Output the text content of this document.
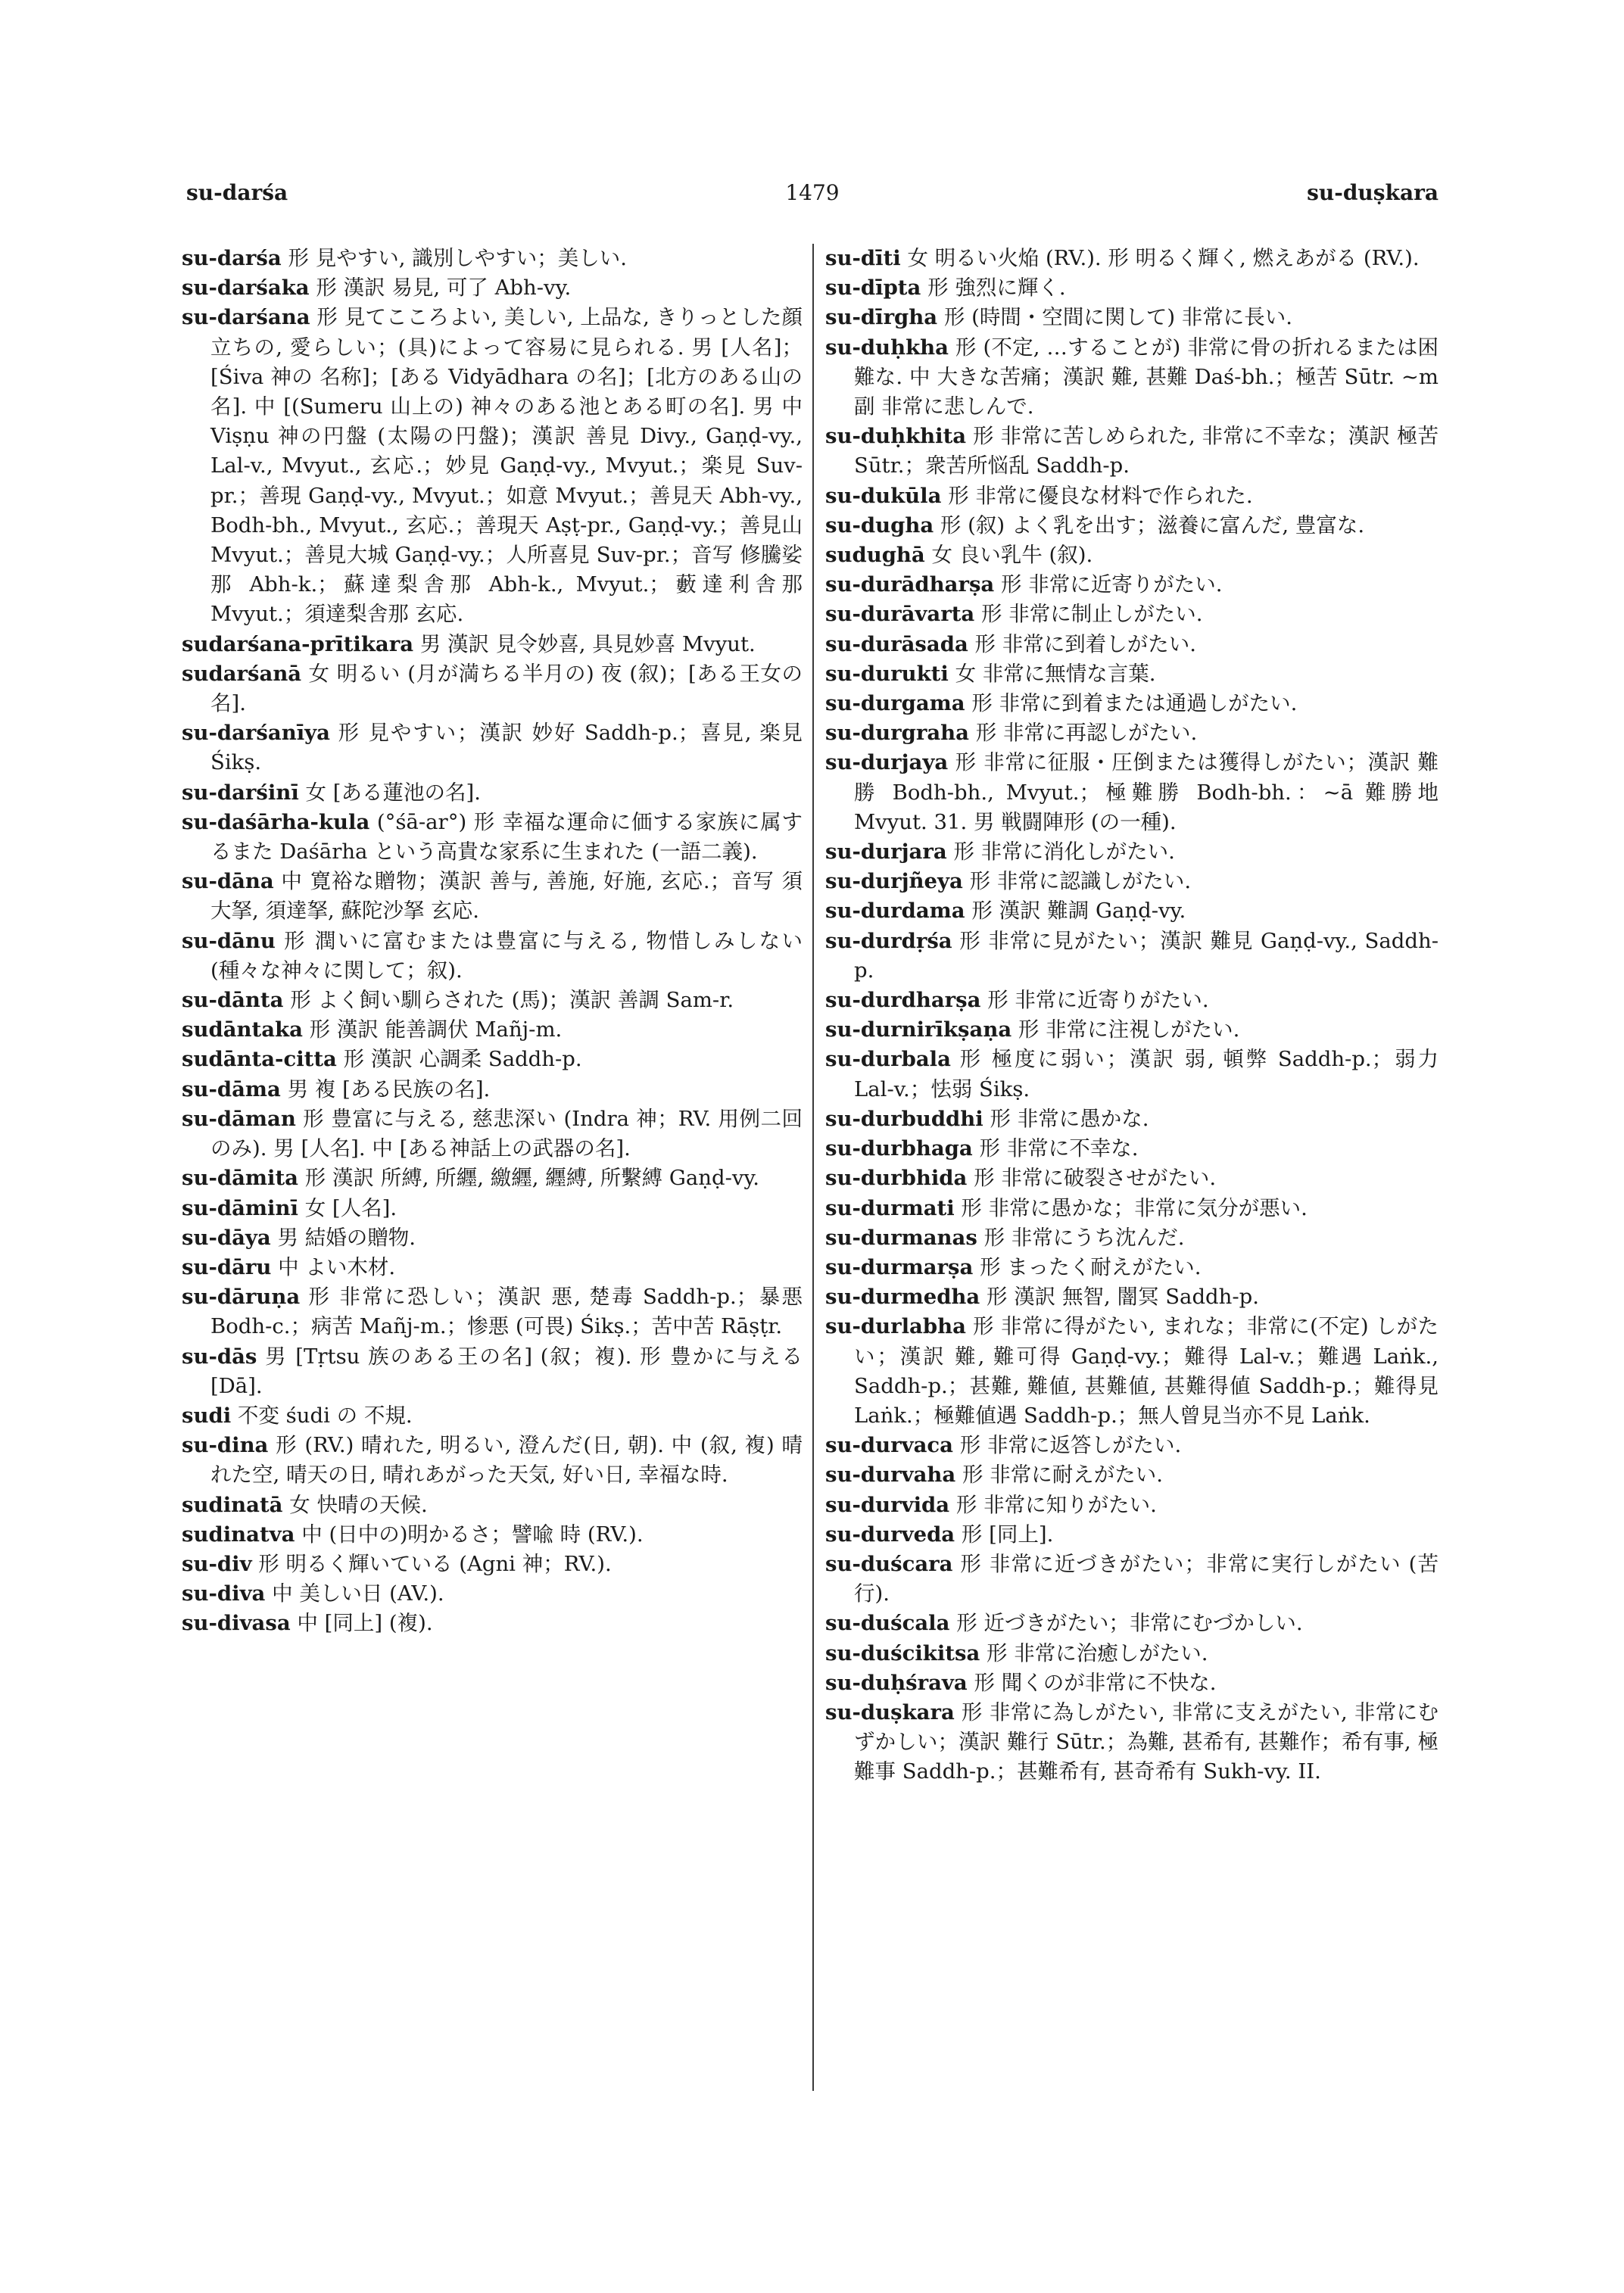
su-darśa	1479	su-duṣkara

su-darśa 形 見やすい, 識別しやすい；美しい.

su-darśaka 形 漢訳 易見, 可了 Abh-vy.

su-darśana 形 見てこころよい, 美しい, 上品な, きりっとした顔立ちの, 愛らしい；(具)によって容易に見られる. 男 [人名]；[Śiva 神の 名称]；[ある Vidyādhara の名]；[北方のある山の名]. 中 [(Sumeru 山上の) 神々のある池とある町の名]. 男 中 Viṣṇu 神の円盤 (太陽の円盤)；漢訳 善見 Divy., Gaṇḍ-vy., Lal-v., Mvyut., 玄応.；妙見 Gaṇḍ-vy., Mvyut.；楽見 Suv-pr.；善現 Gaṇḍ-vy., Mvyut.；如意 Mvyut.；善見天 Abh-vy., Bodh-bh., Mvyut., 玄応.；善現天 Aṣṭ-pr., Gaṇḍ-vy.；善見山 Mvyut.；善見大城 Gaṇḍ-vy.；人所喜見 Suv-pr.；音写 修騰娑那 Abh-k.；蘇達梨舎那 Abh-k., Mvyut.；藪達利舎那 Mvyut.；須達梨舎那 玄応.

sudarśana-prītikara 男 漢訳 見令妙喜, 具見妙喜 Mvyut.

sudarśanā 女 明るい (月が満ちる半月の) 夜 (叙)；[ある王女の名].

su-darśanīya 形 見やすい；漢訳 妙好 Saddh-p.；喜見, 楽見 Śikṣ.

su-darśinī 女 [ある蓮池の名].

su-daśārha-kula (°śā-ar°) 形 幸福な運命に価する家族に属するまた Daśārha という高貴な家系に生まれた (一語二義).

su-dāna 中 寛裕な贈物；漢訳 善与, 善施, 好施, 玄応.；音写 須大拏, 須達拏, 蘇陀沙拏 玄応.

su-dānu 形 潤いに富むまたは豊富に与える, 物惜しみしない (種々な神々に関して；叙).

su-dānta 形 よく飼い馴らされた (馬)；漢訳 善調 Sam-r.

sudāntaka 形 漢訳 能善調伏 Mañj-m.

sudānta-citta 形 漢訳 心調柔 Saddh-p.

su-dāma 男 複 [ある民族の名].

su-dāman 形 豊富に与える, 慈悲深い (Indra 神；RV. 用例二回のみ). 男 [人名]. 中 [ある神話上の武器の名].

su-dāmita 形 漢訳 所縛, 所纒, 繳纒, 纒縛, 所繫縛 Gaṇḍ-vy.

su-dāminī 女 [人名].

su-dāya 男 結婚の贈物.

su-dāru 中 よい木材.

su-dāruṇa 形 非常に恐しい；漢訳 悪, 楚毒 Saddh-p.；暴悪 Bodh-c.；病苦 Mañj-m.；惨悪 (可畏) Śikṣ.；苦中苦 Rāṣṭr.

su-dās 男 [Tṛtsu 族のある王の名] (叙；複). 形 豊かに与える [Dā].

sudi 不変 śudi の 不規.

su-dina 形 (RV.) 晴れた, 明るい, 澄んだ(日, 朝). 中 (叙, 複) 晴れた空, 晴天の日, 晴れあがった天気, 好い日, 幸福な時.

sudinatā 女 快晴の天候.

sudinatva 中 (日中の)明かるさ；譬喩 時 (RV.).

su-div 形 明るく輝いている (Agni 神；RV.).

su-diva 中 美しい日 (AV.).

su-divasa 中 [同上] (複).

su-dīti 女 明るい火焔 (RV.). 形 明るく輝く, 燃えあがる (RV.).

su-dīpta 形 強烈に輝く.

su-dīrgha 形 (時間・空間に関して) 非常に長い.

su-duḥkha 形 (不定, …することが) 非常に骨の折れるまたは困難な. 中 大きな苦痛；漢訳 難, 甚難 Daś-bh.；極苦 Sūtr. ~m 副 非常に悲しんで.

su-duḥkhita 形 非常に苦しめられた, 非常に不幸な；漢訳 極苦 Sūtr.；衆苦所悩乱 Saddh-p.

su-dukūla 形 非常に優良な材料で作られた.

su-dugha 形 (叙) よく乳を出す；滋養に富んだ, 豊富な.

sudughā 女 良い乳牛 (叙).

su-durādharṣa 形 非常に近寄りがたい.

su-durāvarta 形 非常に制止しがたい.

su-durāsada 形 非常に到着しがたい.

su-durukti 女 非常に無情な言葉.

su-durgama 形 非常に到着または通過しがたい.

su-durgraha 形 非常に再認しがたい.

su-durjaya 形 非常に征服・圧倒または獲得しがたい；漢訳 難勝 Bodh-bh., Mvyut.；極難勝 Bodh-bh.：~ā 難勝地 Mvyut. 31. 男 戦闘陣形 (の一種).

su-durjara 形 非常に消化しがたい.

su-durjñeya 形 非常に認識しがたい.

su-durdama 形 漢訳 難調 Gaṇḍ-vy.

su-durdṛśa 形 非常に見がたい；漢訳 難見 Gaṇḍ-vy., Saddh-p.

su-durdharṣa 形 非常に近寄りがたい.

su-durnirīkṣaṇa 形 非常に注視しがたい.

su-durbala 形 極度に弱い；漢訳 弱, 頓弊 Saddh-p.；弱力 Lal-v.；怯弱 Śikṣ.

su-durbuddhi 形 非常に愚かな.

su-durbhaga 形 非常に不幸な.

su-durbhida 形 非常に破裂させがたい.

su-durmati 形 非常に愚かな；非常に気分が悪い.

su-durmanas 形 非常にうち沈んだ.

su-durmarṣa 形 まったく耐えがたい.

su-durmedha 形 漢訳 無智, 闇冥 Saddh-p.

su-durlabha 形 非常に得がたい, まれな；非常に(不定) しがたい；漢訳 難, 難可得 Gaṇḍ-vy.；難得 Lal-v.；難遇 Laṅk., Saddh-p.；甚難, 難値, 甚難値, 甚難得値 Saddh-p.；難得見 Laṅk.；極難値遇 Saddh-p.；無人曾見当亦不見 Laṅk.

su-durvaca 形 非常に返答しがたい.

su-durvaha 形 非常に耐えがたい.

su-durvida 形 非常に知りがたい.

su-durveda 形 [同上].

su-duścara 形 非常に近づきがたい；非常に実行しがたい (苦行).

su-duścala 形 近づきがたい；非常にむづかしい.

su-duścikitsa 形 非常に治癒しがたい.

su-duḥśrava 形 聞くのが非常に不快な.

su-duṣkara 形 非常に為しがたい, 非常に支えがたい, 非常にむずかしい；漢訳 難行 Sūtr.；為難, 甚希有, 甚難作；希有事, 極難事 Saddh-p.；甚難希有, 甚奇希有 Sukh-vy. II.
